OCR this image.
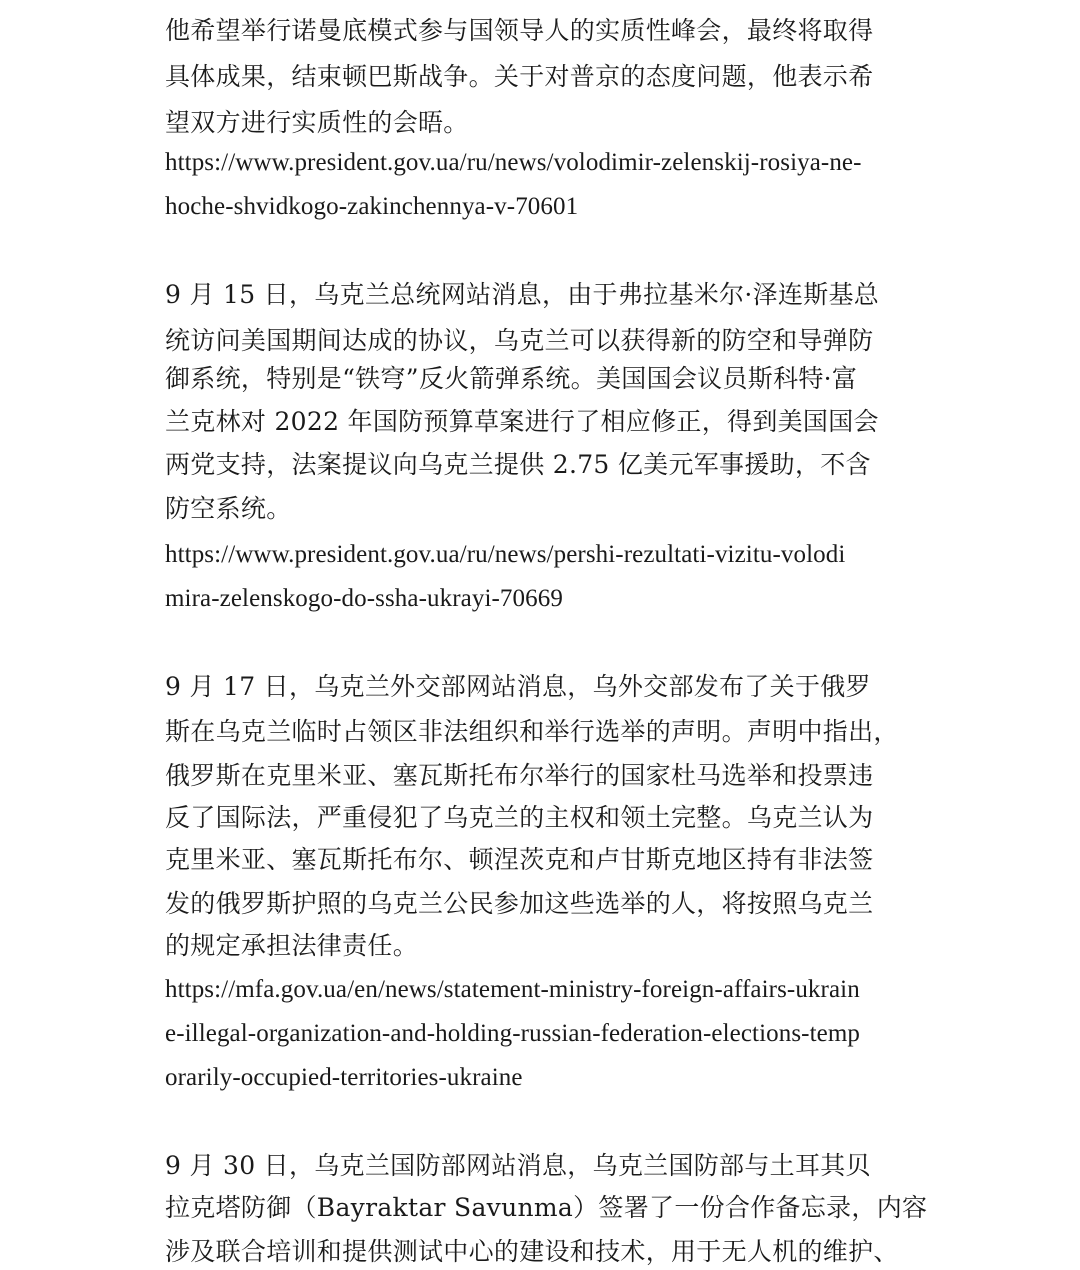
他希望举行诺曼底模式参与国领导人的实质性峰会，最终将取得
具体成果，结束顿巴斯战争。关于对普京的态度问题，他表示希
望双方进行实质性的会晤。
https://www.president.gov.ua/ru/news/volodimir-zelenskij-rosiya-ne-
hoche-shvidkogo-zakinchennya-v-70601
9 月 15 日，乌克兰总统网站消息，由于弗拉基米尔·泽连斯基总
统访问美国期间达成的协议，乌克兰可以获得新的防空和导弹防
御系统，特别是“铁穹”反火箭弹系统。美国国会议员斯科特·富
兰克林对 2022 年国防预算草案进行了相应修正，得到美国国会
两党支持，法案提议向乌克兰提供 2.75 亿美元军事援助，不含
防空系统。
https://www.president.gov.ua/ru/news/pershi-rezultati-vizitu-volodi
mira-zelenskogo-do-ssha-ukrayi-70669
9 月 17 日，乌克兰外交部网站消息，乌外交部发布了关于俄罗
斯在乌克兰临时占领区非法组织和举行选举的声明。声明中指出，
俄罗斯在克里米亚、塞瓦斯托布尔举行的国家杜马选举和投票违
反了国际法，严重侵犯了乌克兰的主权和领土完整。乌克兰认为
克里米亚、塞瓦斯托布尔、顿涅茨克和卢甘斯克地区持有非法签
发的俄罗斯护照的乌克兰公民参加这些选举的人，将按照乌克兰
的规定承担法律责任。
https://mfa.gov.ua/en/news/statement-ministry-foreign-affairs-ukrain
e-illegal-organization-and-holding-russian-federation-elections-temp
orarily-occupied-territories-ukraine
9 月 30 日，乌克兰国防部网站消息，乌克兰国防部与土耳其贝
拉克塔防御（Bayraktar Savunma）签署了一份合作备忘录，内容
涉及联合培训和提供测试中心的建设和技术，用于无人机的维护、
